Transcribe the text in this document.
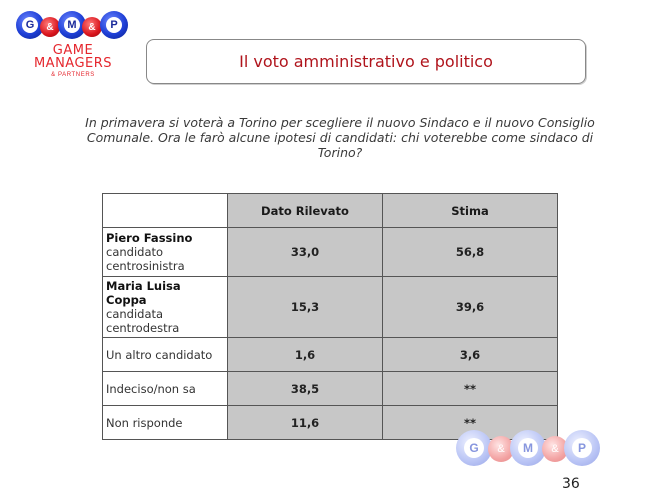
G	&	M	&	P
GAME
MANAGERS
& PARTNERS
Il voto amministrativo e politico
In primavera si voterà a Torino per scegliere il nuovo Sindaco e il nuovo Consiglio Comunale. Ora le farò alcune ipotesi di candidati: chi voterebbe come sindaco di Torino?
	Dato Rilevato	Stima

Piero Fassino
candidato centrosinistra	33,0	56,8

Maria Luisa Coppa
candidata centrodestra	15,3	39,6
Un altro candidato	1,6	3,6
Indeciso/non sa	38,5	**
Non risponde	11,6	**
G	&	M	&	P
36
